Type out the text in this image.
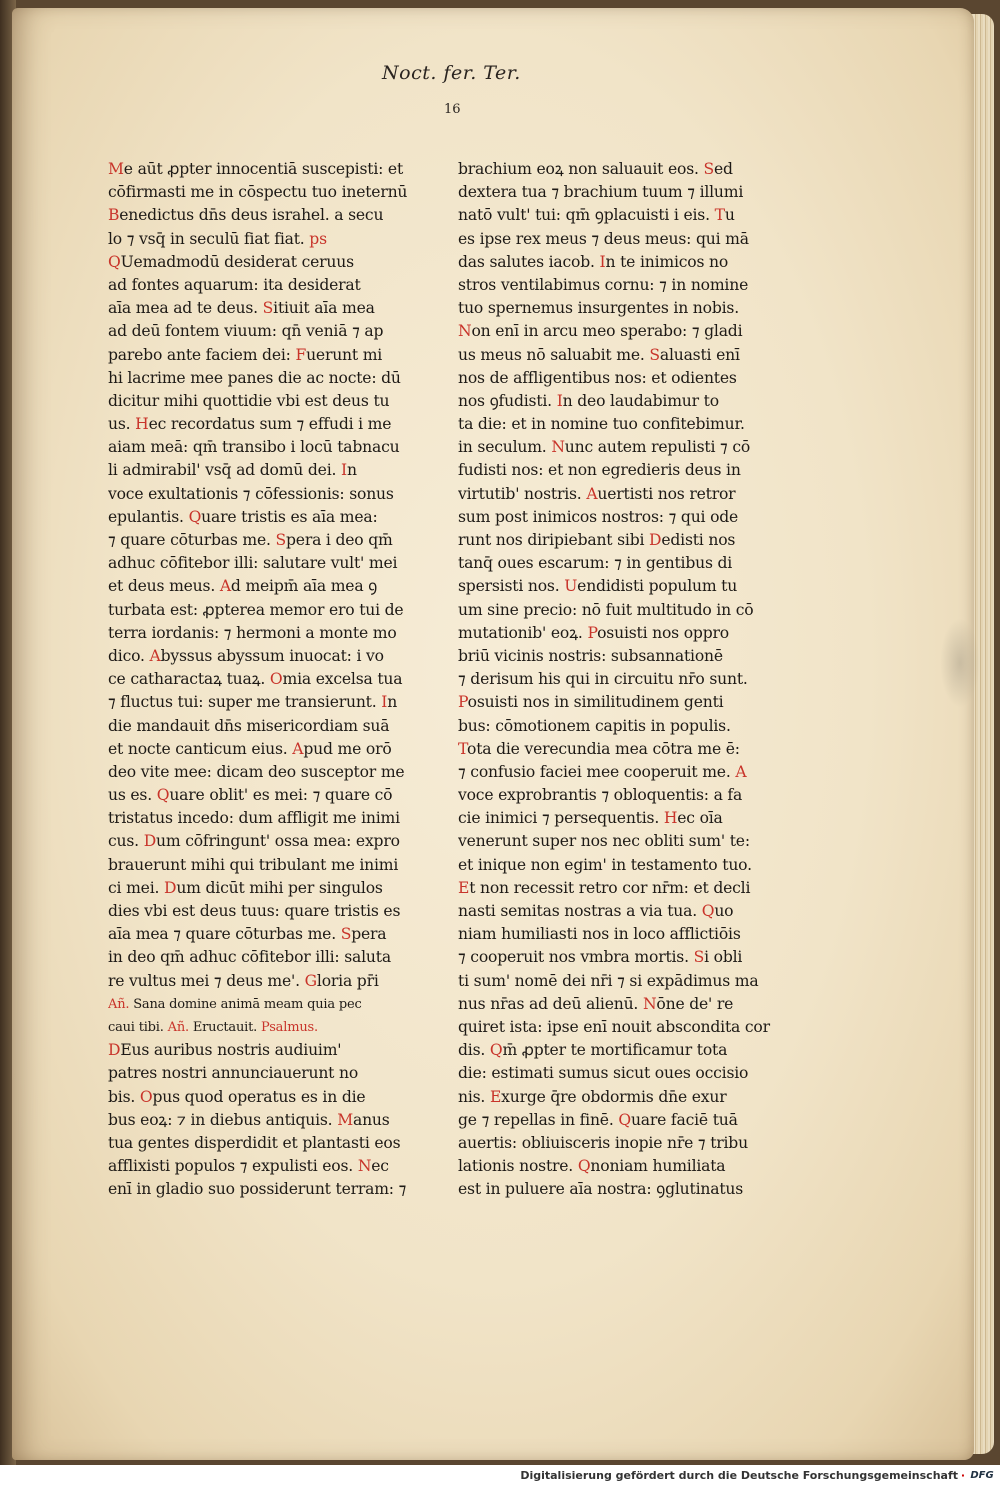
Noct. fer. Ter.
16
Me aūt ꝓpter innocentiā suscepisti: et
cōfirmasti me in cōspectu tuo ineternū
Benedictus dn̄s deus israhel. a secu
lo ⁊ vsq̄ in seculū fiat fiat. ps
QUemadmodū desiderat ceruus
ad fontes aquarum: ita desiderat
aīa mea ad te deus. Sitiuit aīa mea
ad deū fontem viuum: qn̄ veniā ⁊ ap
parebo ante faciem dei: Fuerunt mi
hi lacrime mee panes die ac nocte: dū
dicitur mihi quottidie vbi est deus tu
us. Hec recordatus sum ⁊ effudi i me
aiam meā: qm̄ transibo i locū tabnacu
li admirabil' vsq̄ ad domū dei. In
voce exultationis ⁊ cōfessionis: sonus
epulantis. Quare tristis es aīa mea:
⁊ quare cōturbas me. Spera i deo qm̄
adhuc cōfitebor illi: salutare vult' mei
et deus meus. Ad meipm̄ aīa mea ꝯ
turbata est: ꝓpterea memor ero tui de
terra iordanis: ⁊ hermoni a monte mo
dico. Abyssus abyssum inuocat: i vo
ce catharactaꝝ tuaꝝ. Omia excelsa tua
⁊ fluctus tui: super me transierunt. In
die mandauit dn̄s misericordiam suā
et nocte canticum eius. Apud me orō
deo vite mee: dicam deo susceptor me
us es. Quare oblit' es mei: ⁊ quare cō
tristatus incedo: dum affligit me inimi
cus. Dum cōfringunt' ossa mea: expro
brauerunt mihi qui tribulant me inimi
ci mei. Dum dicūt mihi per singulos
dies vbi est deus tuus: quare tristis es
aīa mea ⁊ quare cōturbas me. Spera
in deo qm̄ adhuc cōfitebor illi: saluta
re vultus mei ⁊ deus me'. Gloria pr̄i
Añ. Sana domine animā meam quia pec
caui tibi. Añ. Eructauit. Psalmus.
DEus auribus nostris audiuim'
patres nostri annunciauerunt no
bis. Opus quod operatus es in die
bus eoꝝ: ⁊ in diebus antiquis. Manus
tua gentes disperdidit et plantasti eos
afflixisti populos ⁊ expulisti eos. Nec
enī in gladio suo possiderunt terram: ⁊
brachium eoꝝ non saluauit eos. Sed
dextera tua ⁊ brachium tuum ⁊ illumi
natō vult' tui: qm̄ ꝯplacuisti i eis. Tu
es ipse rex meus ⁊ deus meus: qui mā
das salutes iacob. In te inimicos no
stros ventilabimus cornu: ⁊ in nomine
tuo spernemus insurgentes in nobis.
Non enī in arcu meo sperabo: ⁊ gladi
us meus nō saluabit me. Saluasti enī
nos de affligentibus nos: et odientes
nos ꝯfudisti. In deo laudabimur to
ta die: et in nomine tuo confitebimur.
in seculum. Nunc autem repulisti ⁊ cō
fudisti nos: et non egredieris deus in
virtutib' nostris. Auertisti nos retror
sum post inimicos nostros: ⁊ qui ode
runt nos diripiebant sibi Dedisti nos
tanq̄ oues escarum: ⁊ in gentibus di
spersisti nos. Uendidisti populum tu
um sine precio: nō fuit multitudo in cō
mutationib' eoꝝ. Posuisti nos oppro
briū vicinis nostris: subsannationē
⁊ derisum his qui in circuitu nr̄o sunt.
Posuisti nos in similitudinem genti
bus: cōmotionem capitis in populis.
Tota die verecundia mea cōtra me ē:
⁊ confusio faciei mee cooperuit me. A
voce exprobrantis ⁊ obloquentis: a fa
cie inimici ⁊ persequentis. Hec oīa
venerunt super nos nec obliti sum' te:
et inique non egim' in testamento tuo.
Et non recessit retro cor nr̄m: et decli
nasti semitas nostras a via tua. Quo
niam humiliasti nos in loco afflictiōis
⁊ cooperuit nos vmbra mortis. Si obli
ti sum' nomē dei nr̄i ⁊ si expādimus ma
nus nr̄as ad deū alienū. Nōne de' re
quiret ista: ipse enī nouit abscondita cor
dis. Qm̄ ꝓpter te mortificamur tota
die: estimati sumus sicut oues occisio
nis. Exurge q̄re obdormis dn̄e exur
ge ⁊ repellas in finē. Quare faciē tuā
auertis: obliuisceris inopie nr̄e ⁊ tribu
lationis nostre. Qnoniam humiliata
est in puluere aīa nostra: ꝯglutinatus
Digitalisierung gefördert durch die Deutsche Forschungsgemeinschaft · DFG
